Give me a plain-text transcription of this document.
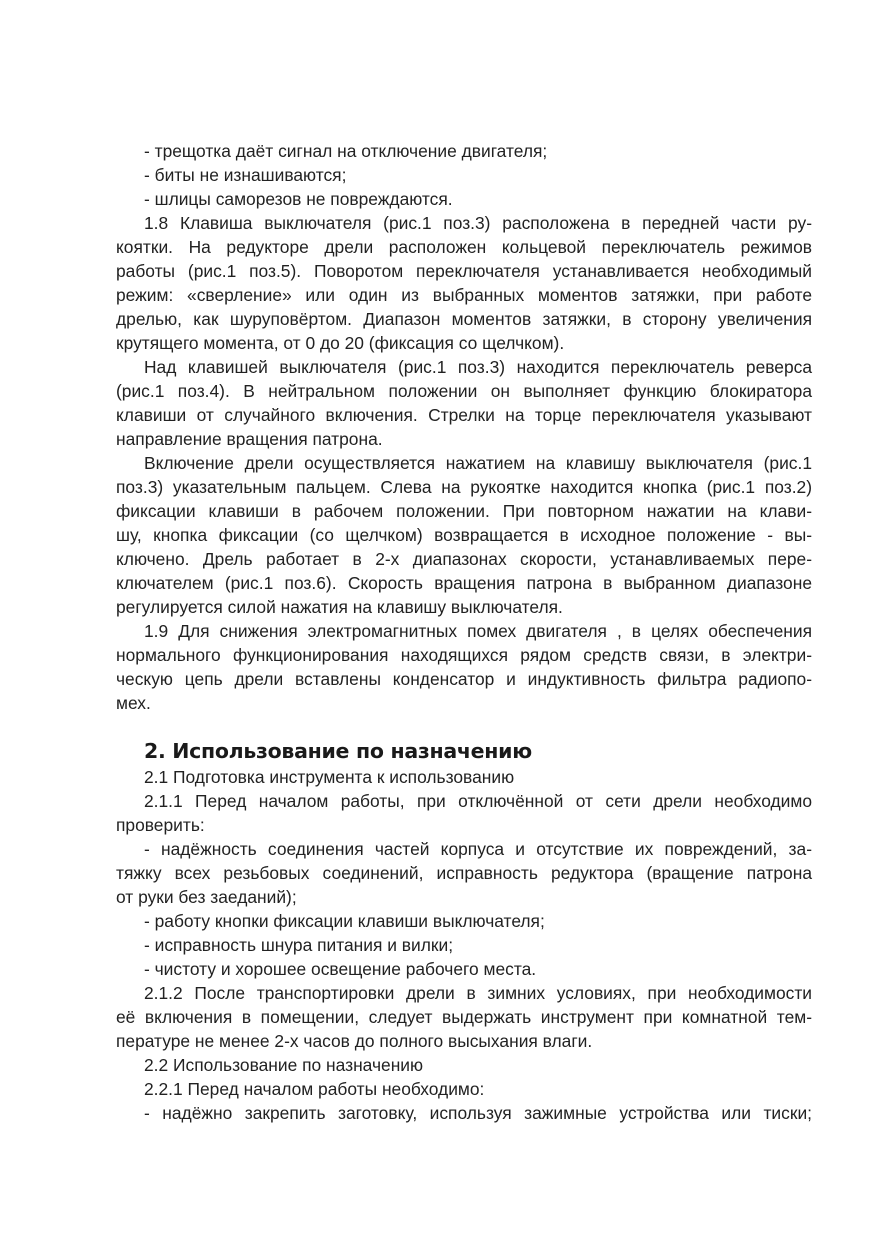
- трещотка даёт сигнал на отключение двигателя;
- биты не изнашиваются;
- шлицы саморезов не повреждаются.
1.8 Клавиша выключателя (рис.1 поз.3) расположена в передней части ру-
коятки. На редукторе дрели расположен кольцевой переключатель режимов
работы (рис.1 поз.5). Поворотом переключателя устанавливается необходимый
режим: «сверление» или один из выбранных моментов затяжки, при работе
дрелью, как шуруповёртом. Диапазон моментов затяжки, в сторону увеличения
крутящего момента, от 0 до 20 (фиксация со щелчком).
Над клавишей выключателя (рис.1 поз.3) находится переключатель реверса
(рис.1 поз.4). В нейтральном положении он выполняет функцию блокиратора
клавиши от случайного включения. Стрелки на торце переключателя указывают
направление вращения патрона.
Включение дрели осуществляется нажатием на клавишу выключателя (рис.1
поз.3) указательным пальцем. Слева на рукоятке находится кнопка (рис.1 поз.2)
фиксации клавиши в рабочем положении. При повторном нажатии на клави-
шу, кнопка фиксации (со щелчком) возвращается в исходное положение - вы-
ключено. Дрель работает в 2-х диапазонах скорости, устанавливаемых пере-
ключателем (рис.1 поз.6). Скорость вращения патрона в выбранном диапазоне
регулируется силой нажатия на клавишу выключателя.
1.9 Для снижения электромагнитных помех двигателя , в целях обеспечения
нормального функционирования находящихся рядом средств связи, в электри-
ческую цепь дрели вставлены конденсатор и индуктивность фильтра радиопо-
мех.
2. Использование по назначению
2.1 Подготовка инструмента к использованию
2.1.1 Перед началом работы, при отключённой от сети дрели необходимо
проверить:
- надёжность соединения частей корпуса и отсутствие их повреждений, за-
тяжку всех резьбовых соединений, исправность редуктора (вращение патрона
от руки без заеданий);
- работу кнопки фиксации клавиши выключателя;
- исправность шнура питания и вилки;
- чистоту и хорошее освещение рабочего места.
2.1.2 После транспортировки дрели в зимних условиях, при необходимости
её включения в помещении, следует выдержать инструмент при комнатной тем-
пературе не менее 2-х часов до полного высыхания влаги.
2.2 Использование по назначению
2.2.1 Перед началом работы необходимо:
- надёжно закрепить заготовку, используя зажимные устройства или тиски;
